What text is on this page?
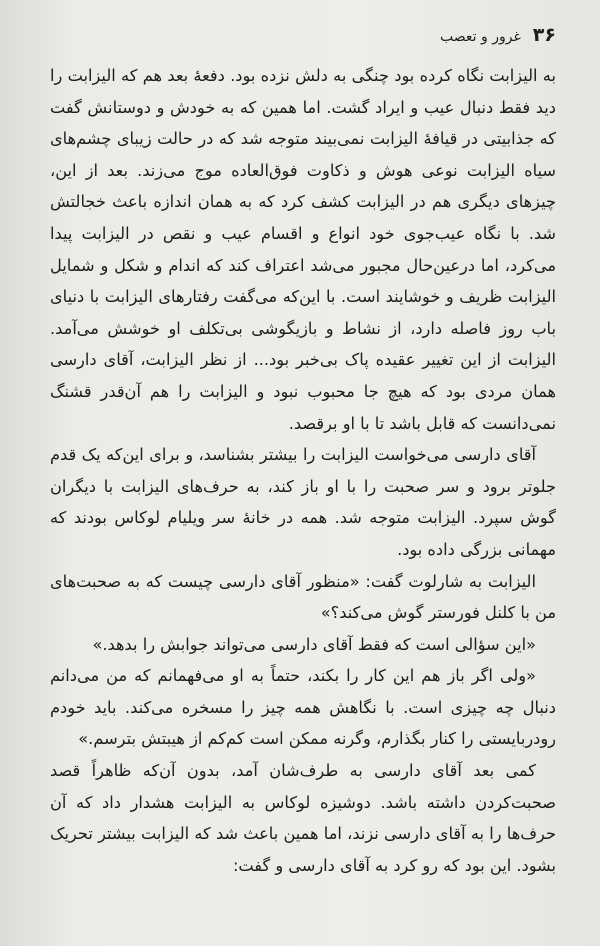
۳۶
غرور و تعصب

به الیزابت نگاه کرده بود چنگی به دلش نزده بود. دفعهٔ بعد هم که الیزابت را دید فقط دنبال عیب و ایراد گشت. اما همین که به خودش و دوستانش گفت که جذابیتی در قیافهٔ الیزابت نمی‌بیند متوجه شد که در حالت زیبای چشم‌های سیاه الیزابت نوعی هوش و ذکاوت فوق‌العاده موج می‌زند. بعد از این، چیزهای دیگری هم در الیزابت کشف کرد که به همان اندازه باعث خجالتش شد. با نگاه عیب‌جوی خود انواع و اقسام عیب و نقص در الیزابت پیدا می‌کرد، اما درعین‌حال مجبور می‌شد اعتراف کند که اندام و شکل و شمایل الیزابت ظریف و خوشایند است. با این‌که می‌گفت رفتارهای الیزابت با دنیای باب روز فاصله دارد، از نشاط و بازیگوشی بی‌تکلف او خوشش می‌آمد. الیزابت از این تغییر عقیده پاک بی‌خبر بود... از نظر الیزابت، آقای دارسی همان مردی بود که هیچ جا محبوب نبود و الیزابت را هم آن‌قدر قشنگ نمی‌دانست که قابل باشد تا با او برقصد.

آقای دارسی می‌خواست الیزابت را بیشتر بشناسد، و برای این‌که یک قدم جلوتر برود و سر صحبت را با او باز کند، به حرف‌های الیزابت با دیگران گوش سپرد. الیزابت متوجه شد. همه در خانهٔ سر ویلیام لوکاس بودند که مهمانی بزرگی داده بود.

الیزابت به شارلوت گفت: «منظور آقای دارسی چیست که به صحبت‌های من با کلنل فورستر گوش می‌کند؟»

«این سؤالی است که فقط آقای دارسی می‌تواند جوابش را بدهد.»

«ولی اگر باز هم این کار را بکند، حتماً به او می‌فهمانم که من می‌دانم دنبال چه چیزی است. با نگاهش همه چیز را مسخره می‌کند. باید خودم رودربایستی را کنار بگذارم، وگرنه ممکن است کم‌کم از هیبتش بترسم.»

کمی بعد آقای دارسی به طرف‌شان آمد، بدون آن‌که ظاهراً قصد صحبت‌کردن داشته باشد. دوشیزه لوکاس به الیزابت هشدار داد که آن حرف‌ها را به آقای دارسی نزند، اما همین باعث شد که الیزابت بیشتر تحریک بشود. این بود که رو کرد به آقای دارسی و گفت:
